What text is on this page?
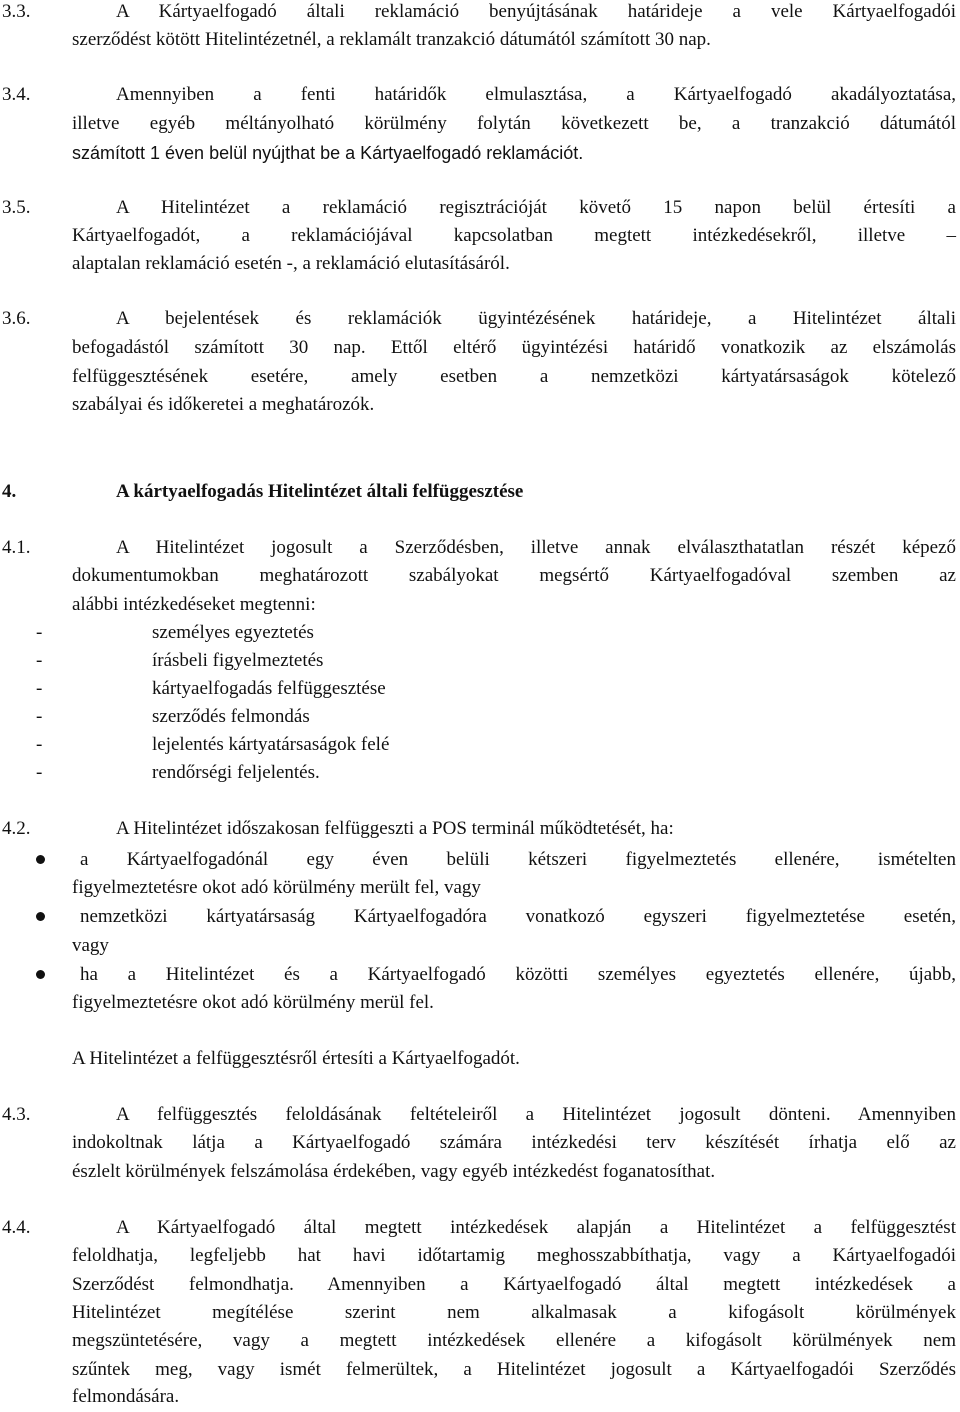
3.3.	A Kártyaelfogadó általi reklamáció benyújtásának határideje a vele Kártyaelfogadói
szerződést kötött Hitelintézetnél, a reklamált tranzakció dátumától számított 30 nap.
3.4.	Amennyiben a fenti határidők elmulasztása, a Kártyaelfogadó akadályoztatása,
illetve egyéb méltányolható körülmény folytán következett be, a tranzakció dátumától
számított 1 éven belül nyújthat be a Kártyaelfogadó reklamációt.
3.5.	A Hitelintézet a reklamáció regisztrációját követő 15 napon belül értesíti a
Kártyaelfogadót, a reklamációjával kapcsolatban megtett intézkedésekről, illetve –
alaptalan reklamáció esetén -, a reklamáció elutasításáról.
3.6.	A bejelentések és reklamációk ügyintézésének határideje, a Hitelintézet általi
befogadástól számított 30 nap. Ettől eltérő ügyintézési határidő vonatkozik az elszámolás
felfüggesztésének esetére, amely esetben a nemzetközi kártyatársaságok kötelező
szabályai és időkeretei a meghatározók.
4.	A kártyaelfogadás Hitelintézet általi felfüggesztése
4.1.	A Hitelintézet jogosult a Szerződésben, illetve annak elválaszthatatlan részét képező
dokumentumokban meghatározott szabályokat megsértő Kártyaelfogadóval szemben az
alábbi intézkedéseket megtenni:
-	személyes egyeztetés
-	írásbeli figyelmeztetés
-	kártyaelfogadás felfüggesztése
-	szerződés felmondás
-	lejelentés kártyatársaságok felé
-	rendőrségi feljelentés.
4.2.	A Hitelintézet időszakosan felfüggeszti a POS terminál működtetését, ha:
a Kártyaelfogadónál egy éven belüli kétszeri figyelmeztetés ellenére, ismételten
figyelmeztetésre okot adó körülmény merült fel, vagy
nemzetközi kártyatársaság Kártyaelfogadóra vonatkozó egyszeri figyelmeztetése esetén,
vagy
ha a Hitelintézet és a Kártyaelfogadó közötti személyes egyeztetés ellenére, újabb,
figyelmeztetésre okot adó körülmény merül fel.
A Hitelintézet a felfüggesztésről értesíti a Kártyaelfogadót.
4.3.	A felfüggesztés feloldásának feltételeiről a Hitelintézet jogosult dönteni. Amennyiben
indokoltnak látja a Kártyaelfogadó számára intézkedési terv készítését írhatja elő az
észlelt körülmények felszámolása érdekében, vagy egyéb intézkedést foganatosíthat.
4.4.	A Kártyaelfogadó által megtett intézkedések alapján a Hitelintézet a felfüggesztést
feloldhatja, legfeljebb hat havi időtartamig meghosszabbíthatja, vagy a Kártyaelfogadói
Szerződést felmondhatja. Amennyiben a Kártyaelfogadó által megtett intézkedések a
Hitelintézet megítélése szerint nem alkalmasak a kifogásolt körülmények
megszüntetésére, vagy a megtett intézkedések ellenére a kifogásolt körülmények nem
szűntek meg, vagy ismét felmerültek, a Hitelintézet jogosult a Kártyaelfogadói Szerződés
felmondására.
